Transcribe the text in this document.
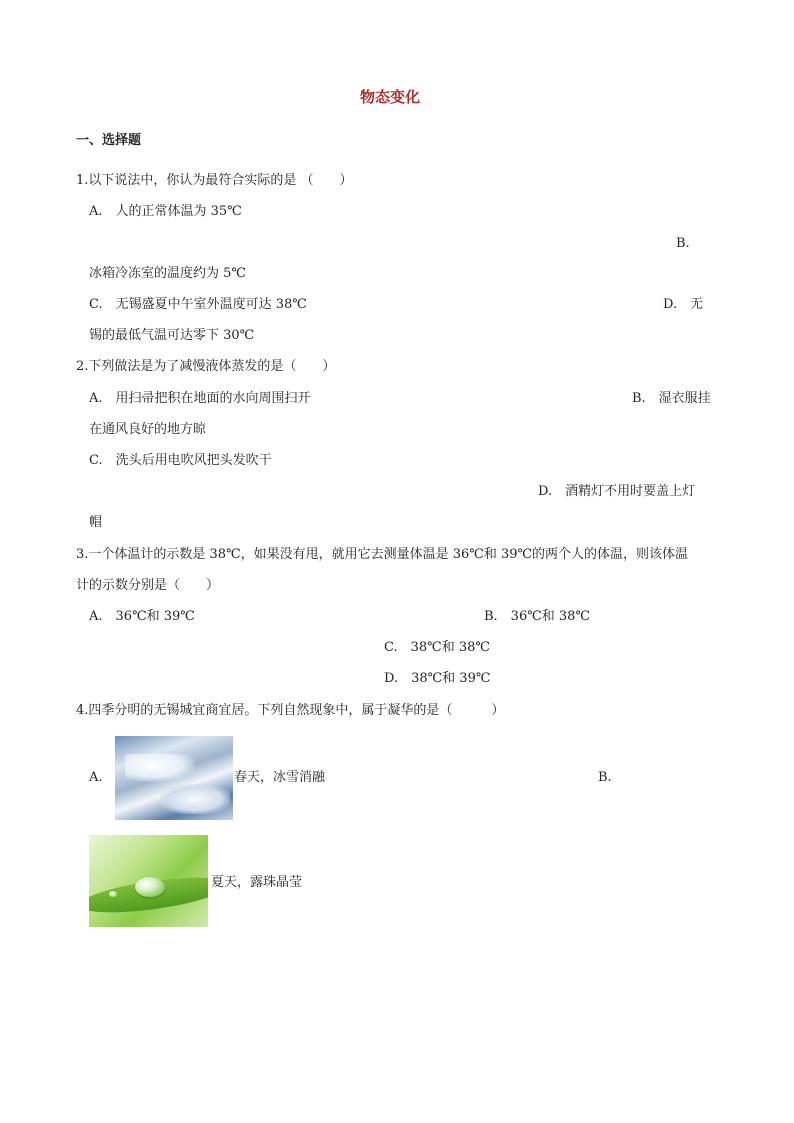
物态变化
一、选择题
1.以下说法中，你认为最符合实际的是 （　　）
A.　人的正常体温为 35℃
B.
冰箱冷冻室的温度约为 5℃
C.　无锡盛夏中午室外温度可达 38℃	D.　无
锡的最低气温可达零下 30℃
2.下列做法是为了减慢液体蒸发的是（　　）
A.　用扫帚把积在地面的水向周围扫开	B.　湿衣服挂
在通风良好的地方晾
C.　洗头后用电吹风把头发吹干
D.　酒精灯不用时要盖上灯
帽
3.一个体温计的示数是 38℃，如果没有甩，就用它去测量体温是 36℃和 39℃的两个人的体温，则该体温
计的示数分别是（　　）
A.　36℃和 39℃	B.　36℃和 38℃
C.　38℃和 38℃
D.　38℃和 39℃
4.四季分明的无锡城宜商宜居。下列自然现象中，属于凝华的是（　　　）
A.	春天，冰雪消融	B.
夏天，露珠晶莹
